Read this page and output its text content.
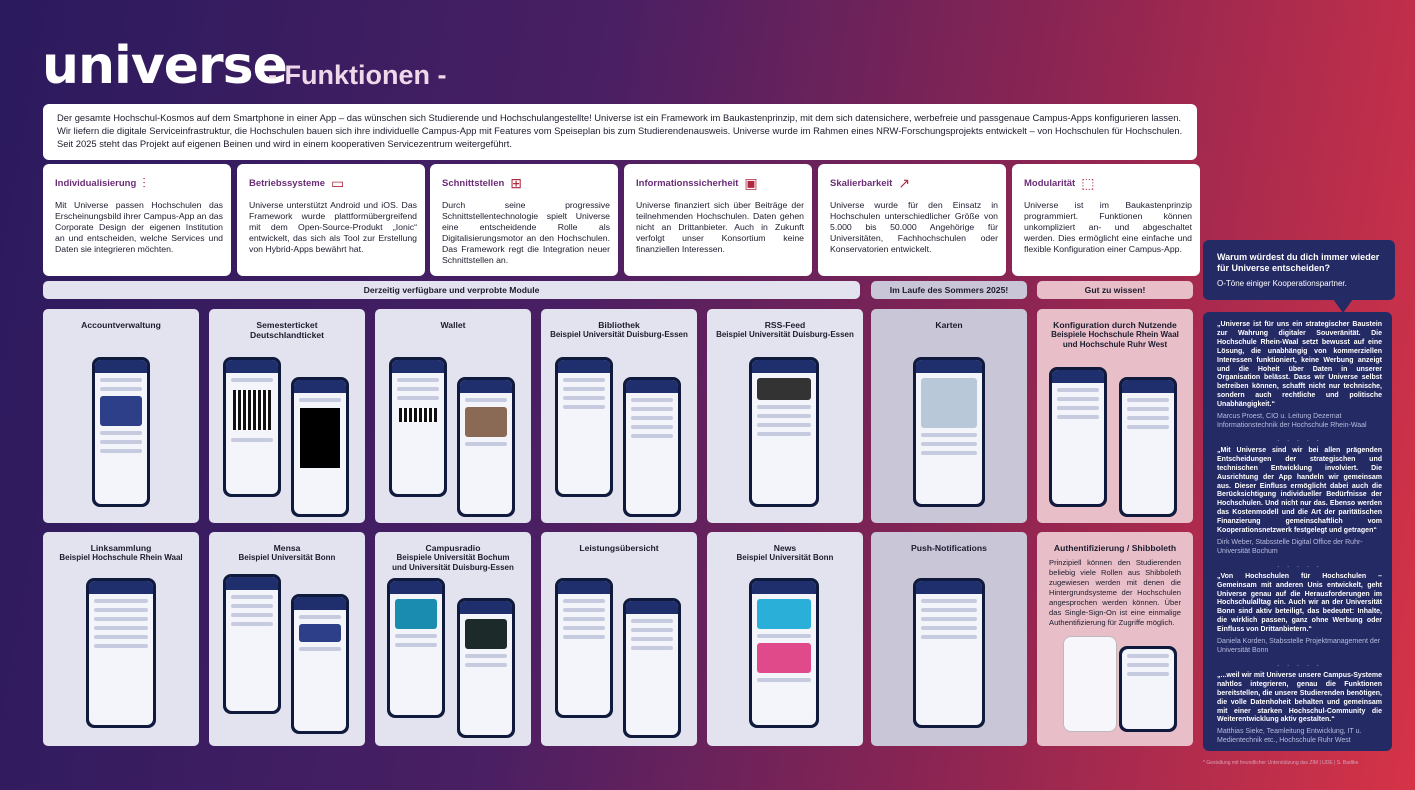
universe
- Funktionen -
Der gesamte Hochschul-Kosmos auf dem Smartphone in einer App – das wünschen sich Studierende und Hochschulangestellte! Universe ist ein Framework im Baukastenprinzip, mit dem sich datensichere, werbefreie und passgenaue Campus-Apps konfigurieren lassen. Wir liefern die digitale Serviceinfrastruktur, die Hochschulen bauen sich ihre individuelle Campus-App mit Features vom Speiseplan bis zum Studierendenausweis. Universe wurde im Rahmen eines NRW-Forschungsprojekts entwickelt – von Hochschulen für Hochschulen. Seit 2025 steht das Projekt auf eigenen Beinen und wird in einem kooperativen Servicezentrum weitergeführt.
Individualisierung ⫶
Mit Universe passen Hochschulen das Erscheinungsbild ihrer Campus-App an das Corporate Design der eigenen Institution an und entscheiden, welche Services und Daten sie integrieren möchten.
Betriebssysteme ▭
Universe unterstützt Android und iOS. Das Framework wurde plattformübergreifend mit dem Open-Source-Produkt „Ionic“ entwickelt, das sich als Tool zur Erstellung von Hybrid-Apps bewährt hat.
Schnittstellen ⊞
Durch seine progressive Schnittstellentechnologie spielt Universe eine entscheidende Rolle als Digitalisierungsmotor an den Hochschulen. Das Framework regt die Integration neuer Schnittstellen an.
Informationssicherheit ▣
Universe finanziert sich über Beiträge der teilnehmenden Hochschulen. Daten gehen nicht an Drittanbieter. Auch in Zukunft verfolgt unser Konsortium keine finanziellen Interessen.
Skalierbarkeit ↗
Universe wurde für den Einsatz in Hochschulen unterschiedlicher Größe von 5.000 bis 50.000 Angehörige für Universitäten, Fachhochschulen oder Konservatorien entwickelt.
Modularität ⬚
Universe ist im Baukastenprinzip programmiert. Funktionen können unkompliziert an- und abgeschaltet werden. Dies ermöglicht eine einfache und flexible Konfiguration einer Campus-App.
Derzeitig verfügbare und verprobte Module	Im Laufe des Sommers 2025!	Gut zu wissen!
Accountverwaltung	Semesterticket Deutschlandticket
Wallet	Bibliothek
Beispiel Universität Duisburg-Essen
RSS-Feed
Beispiel Universität Duisburg-Essen
Karten	Konfiguration durch Nutzende
Beispiele Hochschule Rhein Waal und Hochschule Ruhr West
Linksammlung
Beispiel Hochschule Rhein Waal
Mensa
Beispiel Universität Bonn
Campusradio
Beispiele Universität Bochum und Universität Duisburg-Essen
Leistungsübersicht	News
Beispiel Universität Bonn
Push-Notifications	Authentifizierung / Shibboleth
Prinzipiell können den Studierenden beliebig viele Rollen aus Shibboleth zugewiesen werden mit denen die Hintergrundsysteme der Hochschulen angesprochen werden können. Über das Single-Sign-On ist eine einmalige Authentifizierung für Zugriffe möglich.
Warum würdest du dich immer wieder für Universe entscheiden?
O-Töne einiger Kooperationspartner.
„Universe ist für uns ein strategischer Baustein zur Wahrung digitaler Souveränität. Die Hochschule Rhein-Waal setzt bewusst auf eine Lösung, die unabhängig von kommerziellen Interessen funktioniert, keine Werbung anzeigt und die Hoheit über Daten in unserer Organisation belässt. Dass wir Universe selbst betreiben können, schafft nicht nur technische, sondern auch rechtliche und politische Unabhängigkeit.“
Marcus Proest, CIO u. Leitung Dezernat Informationstechnik der Hochschule Rhein-Waal
. . . . .
„Mit Universe sind wir bei allen prägenden Entscheidungen der strategischen und technischen Entwicklung involviert. Die Ausrichtung der App handeln wir gemeinsam aus. Dieser Einfluss ermöglicht dabei auch die Berücksichtigung individueller Bedürfnisse der Hochschulen. Und nicht nur das. Ebenso werden das Kostenmodell und die Art der paritätischen Finanzierung gemeinschaftlich vom Kooperationsnetzwerk festgelegt und getragen“
Dirk Weber, Stabsstelle Digital Office der Ruhr-Universität Bochum
. . . . .
„Von Hochschulen für Hochschulen – Gemeinsam mit anderen Unis entwickelt, geht Universe genau auf die Herausforderungen im Hochschulalltag ein. Auch wir an der Universität Bonn sind aktiv beteiligt, das bedeutet: Inhalte, die wirklich passen, ganz ohne Werbung oder Einfluss von Drittanbietern.“
Daniela Korden, Stabsstelle Projektmanagement der Universität Bonn
. . . . .
„...weil wir mit Universe unsere Campus-Systeme nahtlos integrieren, genau die Funktionen bereitstellen, die unsere Studierenden benötigen, die volle Datenhoheit behalten und gemeinsam mit einer starken Hochschul-Community die Weiterentwicklung aktiv gestalten.“
Matthias Sieke, Teamleitung Entwicklung, IT u. Medientechnik etc., Hochschule Ruhr West
* Gestaltung mit freundlicher Unterstützung das ZIM | UDE | S. Badtke
